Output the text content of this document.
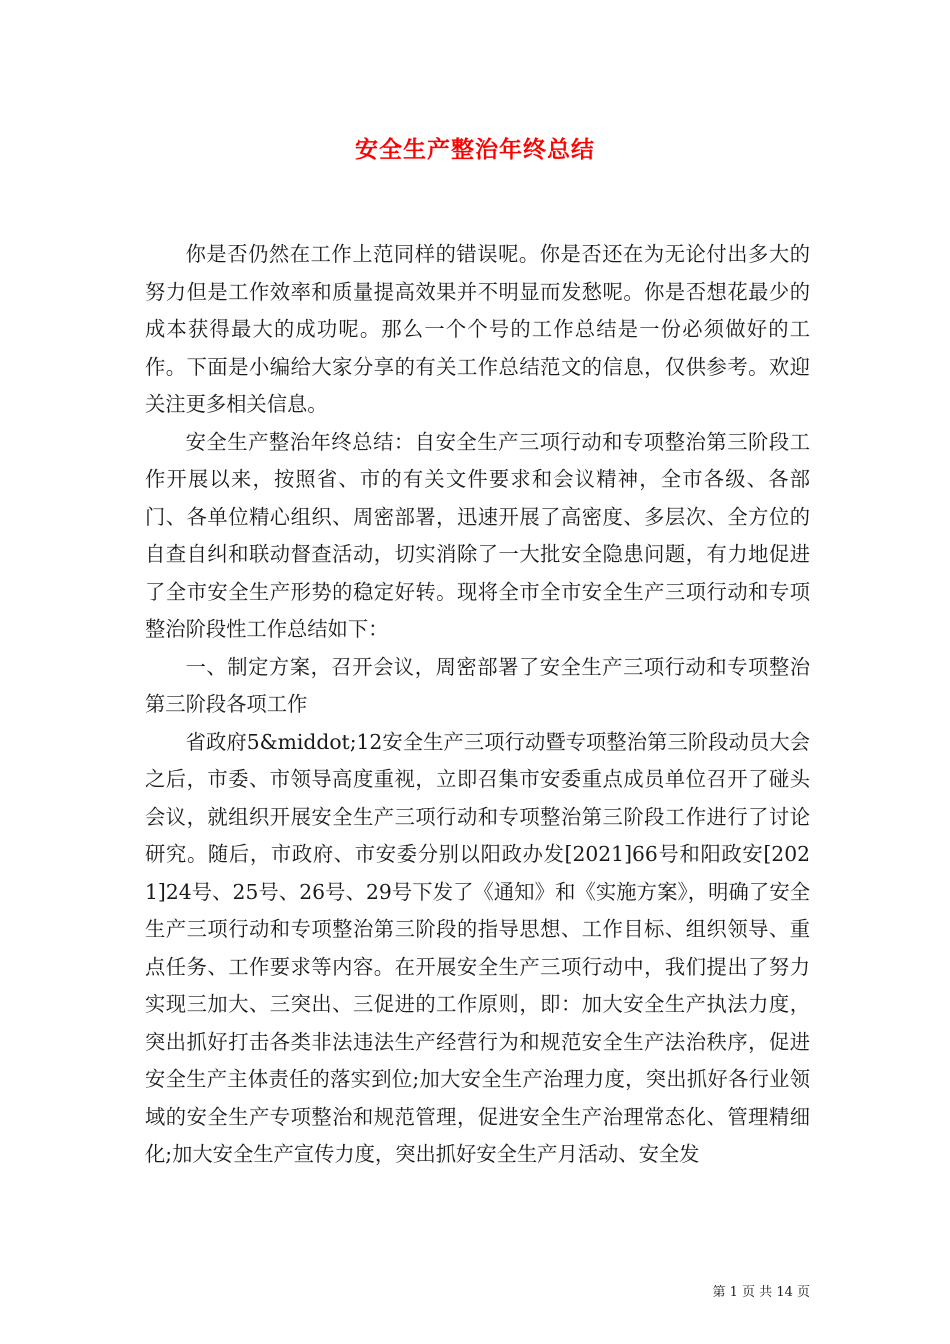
安全生产整治年终总结

你是否仍然在工作上范同样的错误呢。你是否还在为无论付出多大的努力但是工作效率和质量提高效果并不明显而发愁呢。你是否想花最少的成本获得最大的成功呢。那么一个个号的工作总结是一份必须做好的工作。下面是小编给大家分享的有关工作总结范文的信息，仅供参考。欢迎关注更多相关信息。

安全生产整治年终总结：自安全生产三项行动和专项整治第三阶段工作开展以来，按照省、市的有关文件要求和会议精神，全市各级、各部门、各单位精心组织、周密部署，迅速开展了高密度、多层次、全方位的自查自纠和联动督查活动，切实消除了一大批安全隐患问题，有力地促进了全市安全生产形势的稳定好转。现将全市全市安全生产三项行动和专项整治阶段性工作总结如下：

一、制定方案，召开会议，周密部署了安全生产三项行动和专项整治第三阶段各项工作

省政府5&middot;12安全生产三项行动暨专项整治第三阶段动员大会之后，市委、市领导高度重视，立即召集市安委重点成员单位召开了碰头会议，就组织开展安全生产三项行动和专项整治第三阶段工作进行了讨论研究。随后，市政府、市安委分别以阳政办发[2021]66号和阳政安[2021]24号、25号、26号、29号下发了《通知》和《实施方案》，明确了安全生产三项行动和专项整治第三阶段的指导思想、工作目标、组织领导、重点任务、工作要求等内容。在开展安全生产三项行动中，我们提出了努力实现三加大、三突出、三促进的工作原则，即：加大安全生产执法力度，突出抓好打击各类非法违法生产经营行为和规范安全生产法治秩序，促进安全生产主体责任的落实到位;加大安全生产治理力度，突出抓好各行业领域的安全生产专项整治和规范管理，促进安全生产治理常态化、管理精细化;加大安全生产宣传力度，突出抓好安全生产月活动、安全发

第 1 页 共 14 页
